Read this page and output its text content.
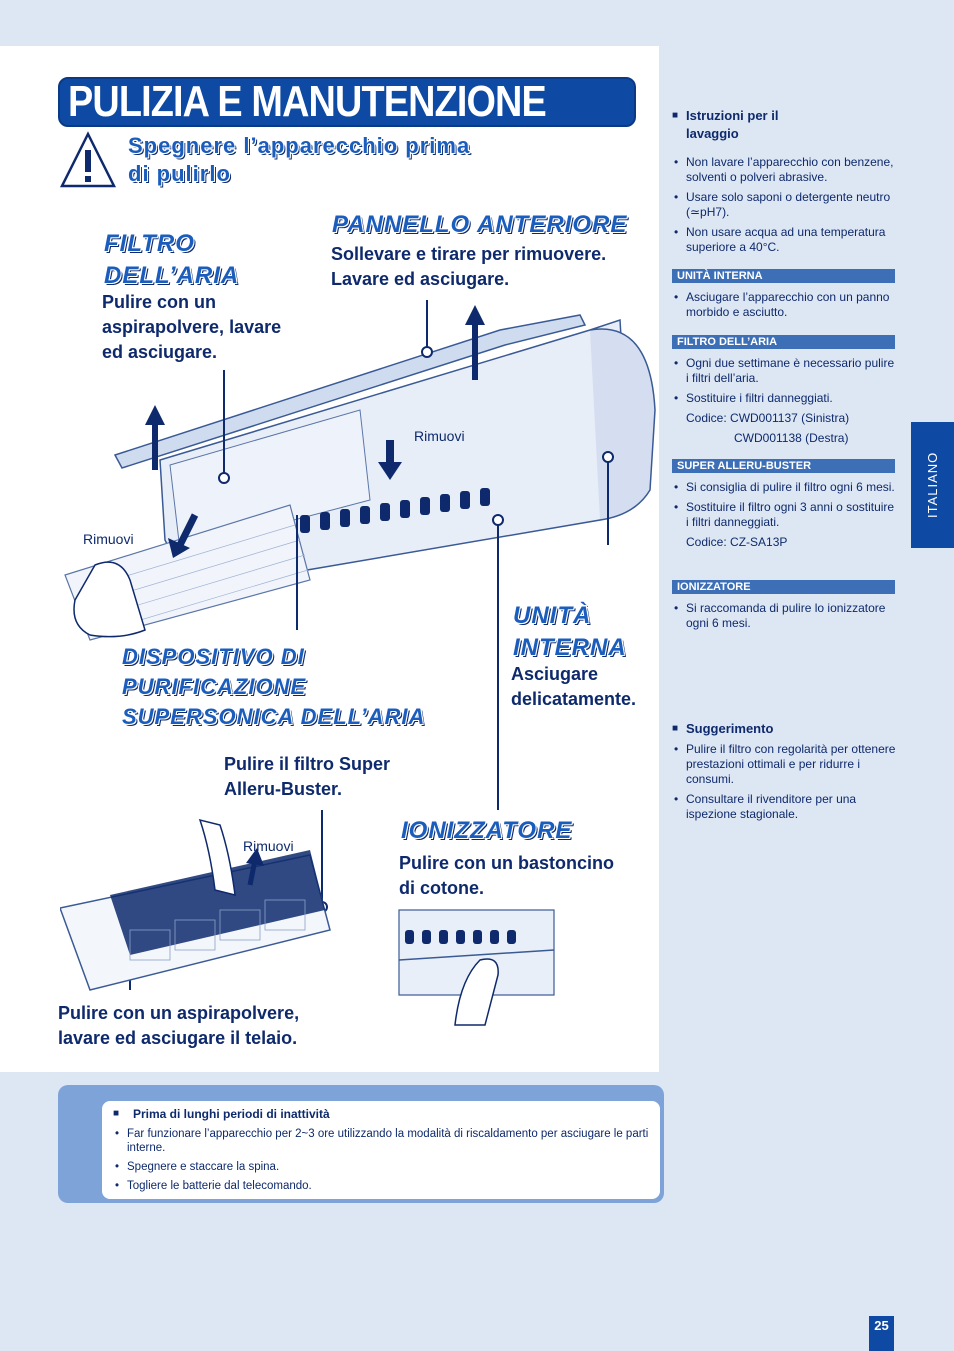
PULIZIA E MANUTENZIONE
Spegnere l’apparecchio prima
di pulirlo
FILTRO
DELL’ARIA
Pulire con un
aspirapolvere, lavare
ed asciugare.
PANNELLO ANTERIORE
Sollevare e tirare per rimuovere.
Lavare ed asciugare.
Rimuovi
Rimuovi
UNITÀ
INTERNA
Asciugare
delicatamente.
DISPOSITIVO DI
PURIFICAZIONE
SUPERSONICA DELL’ARIA
Pulire il filtro Super
Alleru-Buster.
Rimuovi
IONIZZATORE
Pulire con un bastoncino
di cotone.
Pulire con un aspirapolvere,
lavare ed asciugare il telaio.
■ Istruzioni per il
lavaggio
• Non lavare l’apparecchio con benzene, solventi o polveri abrasive.
• Usare solo saponi o detergente neutro (≃pH7).
• Non usare acqua ad una temperatura superiore a 40°C.
UNITÀ INTERNA
• Asciugare l’apparecchio con un panno morbido e asciutto.
FILTRO DELL’ARIA
• Ogni due settimane è necessario pulire i filtri dell’aria.
• Sostituire i filtri danneggiati.
Codice: CWD001137 (Sinistra)
CWD001138 (Destra)
SUPER ALLERU-BUSTER
• Si consiglia di pulire il filtro ogni 6 mesi.
• Sostituire il filtro ogni 3 anni o sostituire i filtri danneggiati.
Codice: CZ-SA13P
IONIZZATORE
• Si raccomanda di pulire lo ionizzatore ogni 6 mesi.
■ Suggerimento
• Pulire il filtro con regolarità per ottenere prestazioni ottimali e per ridurre i consumi.
• Consultare il rivenditore per una ispezione stagionale.
ITALIANO
■ Prima di lunghi periodi di inattività
• Far funzionare l’apparecchio per 2~3 ore utilizzando la modalità di riscaldamento per asciugare le parti interne.
• Spegnere e staccare la spina.
• Togliere le batterie dal telecomando.
25
